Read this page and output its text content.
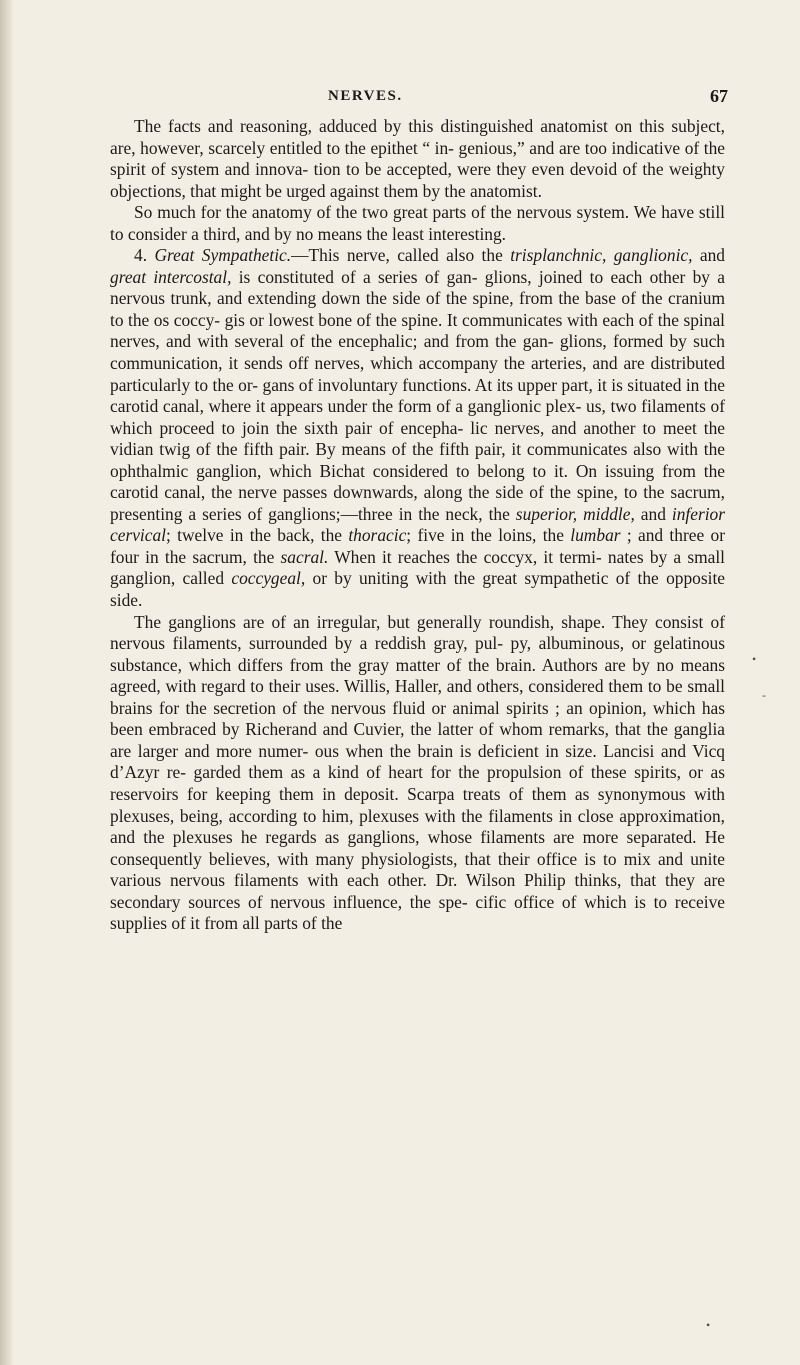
NERVES.	67

The facts and reasoning, adduced by this distinguished anatomist on this subject, are, however, scarcely entitled to the epithet “ in- genious,” and are too indicative of the spirit of system and innova- tion to be accepted, were they even devoid of the weighty objections, that might be urged against them by the anatomist.

So much for the anatomy of the two great parts of the nervous system. We have still to consider a third, and by no means the least interesting.

4. Great Sympathetic.—This nerve, called also the trisplanchnic, ganglionic, and great intercostal, is constituted of a series of gan- glions, joined to each other by a nervous trunk, and extending down the side of the spine, from the base of the cranium to the os coccy- gis or lowest bone of the spine. It communicates with each of the spinal nerves, and with several of the encephalic; and from the gan- glions, formed by such communication, it sends off nerves, which accompany the arteries, and are distributed particularly to the or- gans of involuntary functions. At its upper part, it is situated in the carotid canal, where it appears under the form of a ganglionic plex- us, two filaments of which proceed to join the sixth pair of encepha- lic nerves, and another to meet the vidian twig of the fifth pair. By means of the fifth pair, it communicates also with the ophthalmic ganglion, which Bichat considered to belong to it. On issuing from the carotid canal, the nerve passes downwards, along the side of the spine, to the sacrum, presenting a series of ganglions;—three in the neck, the superior, middle, and inferior cervical; twelve in the back, the thoracic; five in the loins, the lumbar ; and three or four in the sacrum, the sacral. When it reaches the coccyx, it termi- nates by a small ganglion, called coccygeal, or by uniting with the great sympathetic of the opposite side.

The ganglions are of an irregular, but generally roundish, shape. They consist of nervous filaments, surrounded by a reddish gray, pul- py, albuminous, or gelatinous substance, which differs from the gray matter of the brain. Authors are by no means agreed, with regard to their uses. Willis, Haller, and others, considered them to be small brains for the secretion of the nervous fluid or animal spirits ; an opinion, which has been embraced by Richerand and Cuvier, the latter of whom remarks, that the ganglia are larger and more numer- ous when the brain is deficient in size. Lancisi and Vicq d’Azyr re- garded them as a kind of heart for the propulsion of these spirits, or as reservoirs for keeping them in deposit. Scarpa treats of them as synonymous with plexuses, being, according to him, plexuses with the filaments in close approximation, and the plexuses he regards as ganglions, whose filaments are more separated. He consequently believes, with many physiologists, that their office is to mix and unite various nervous filaments with each other. Dr. Wilson Philip thinks, that they are secondary sources of nervous influence, the spe- cific office of which is to receive supplies of it from all parts of the

•
-
•
